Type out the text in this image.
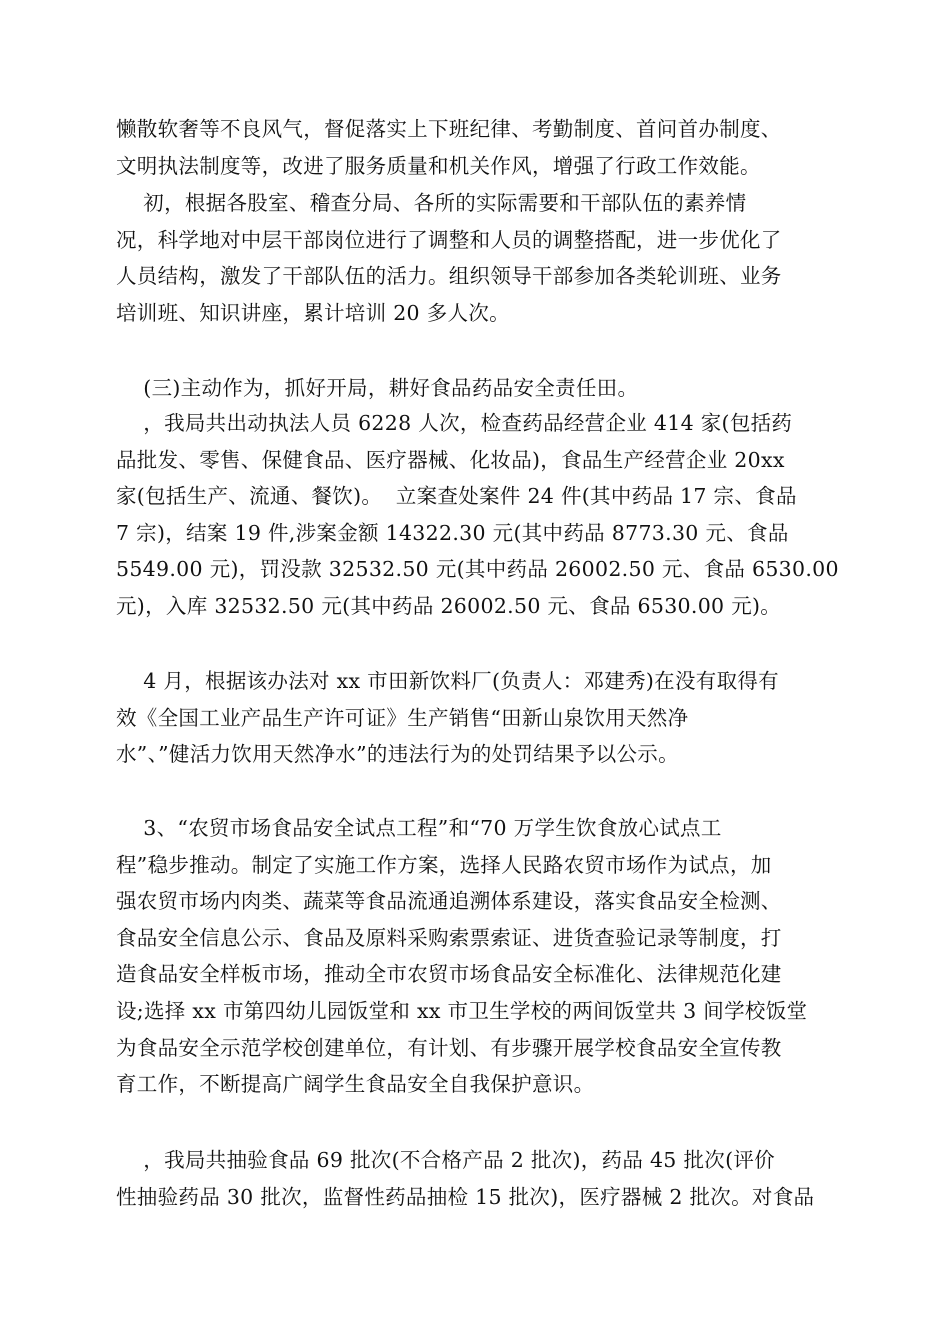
懒散软奢等不良风气，督促落实上下班纪律、考勤制度、首问首办制度、
文明执法制度等，改进了服务质量和机关作风，增强了行政工作效能。
初，根据各股室、稽查分局、各所的实际需要和干部队伍的素养情
况，科学地对中层干部岗位进行了调整和人员的调整搭配，进一步优化了
人员结构，激发了干部队伍的活力。组织领导干部参加各类轮训班、业务
培训班、知识讲座，累计培训 20 多人次。
(三)主动作为，抓好开局，耕好食品药品安全责任田。
，我局共出动执法人员 6228 人次，检查药品经营企业 414 家(包括药
品批发、零售、保健食品、医疗器械、化妆品)，食品生产经营企业 20xx
家(包括生产、流通、餐饮)。  立案查处案件 24 件(其中药品 17 宗、食品
7 宗)，结案 19 件,涉案金额 14322.30 元(其中药品 8773.30 元、食品
5549.00 元)，罚没款 32532.50 元(其中药品 26002.50 元、食品 6530.00
元)，入库 32532.50 元(其中药品 26002.50 元、食品 6530.00 元)。
4 月，根据该办法对 xx 市田新饮料厂(负责人：邓建秀)在没有取得有
效《全国工业产品生产许可证》生产销售“田新山泉饮用天然净
水”、”健活力饮用天然净水”的违法行为的处罚结果予以公示。
3、“农贸市场食品安全试点工程”和“70 万学生饮食放心试点工
程”稳步推动。制定了实施工作方案，选择人民路农贸市场作为试点，加
强农贸市场内肉类、蔬菜等食品流通追溯体系建设，落实食品安全检测、
食品安全信息公示、食品及原料采购索票索证、进货查验记录等制度，打
造食品安全样板市场，推动全市农贸市场食品安全标准化、法律规范化建
设;选择 xx 市第四幼儿园饭堂和 xx 市卫生学校的两间饭堂共 3 间学校饭堂
为食品安全示范学校创建单位，有计划、有步骤开展学校食品安全宣传教
育工作，不断提高广阔学生食品安全自我保护意识。
，我局共抽验食品 69 批次(不合格产品 2 批次)，药品 45 批次(评价
性抽验药品 30 批次，监督性药品抽检 15 批次)，医疗器械 2 批次。对食品
